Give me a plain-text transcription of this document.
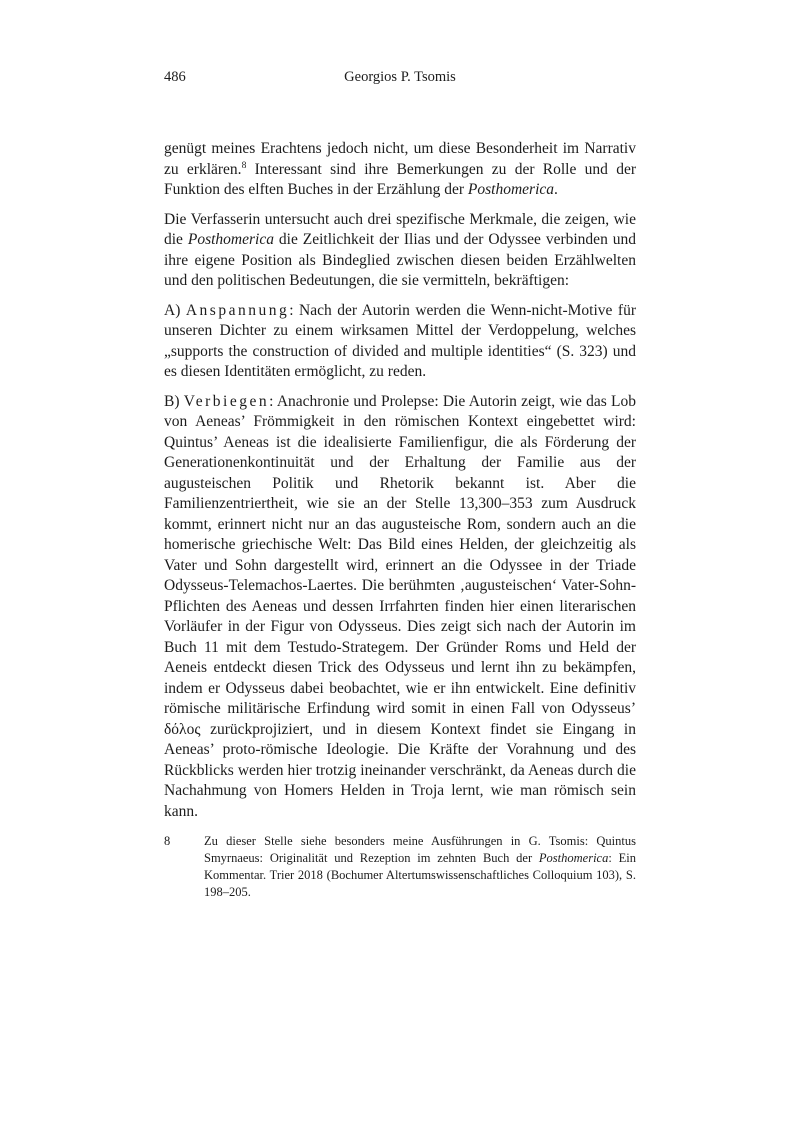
486	Georgios P. Tsomis

genügt meines Erachtens jedoch nicht, um diese Besonderheit im Narrativ zu erklären.$^8$ Interessant sind ihre Bemerkungen zu der Rolle und der Funktion des elften Buches in der Erzählung der Posthomerica.

Die Verfasserin untersucht auch drei spezifische Merkmale, die zeigen, wie die Posthomerica die Zeitlichkeit der Ilias und der Odyssee verbinden und ihre eigene Position als Bindeglied zwischen diesen beiden Erzählwelten und den politischen Bedeutungen, die sie vermitteln, bekräftigen:

A) Anspannung: Nach der Autorin werden die Wenn-nicht-Motive für unseren Dichter zu einem wirksamen Mittel der Verdoppelung, welches „supports the construction of divided and multiple identities“ (S. 323) und es diesen Identitäten ermöglicht, zu reden.

B) Verbiegen: Anachronie und Prolepse: Die Autorin zeigt, wie das Lob von Aeneas’ Frömmigkeit in den römischen Kontext eingebettet wird: Quintus’ Aeneas ist die idealisierte Familienfigur, die als Förderung der Generationenkontinuität und der Erhaltung der Familie aus der augusteischen Politik und Rhetorik bekannt ist. Aber die Familienzentriertheit, wie sie an der Stelle 13,300–353 zum Ausdruck kommt, erinnert nicht nur an das augusteische Rom, sondern auch an die homerische griechische Welt: Das Bild eines Helden, der gleichzeitig als Vater und Sohn dargestellt wird, erinnert an die Odyssee in der Triade Odysseus-Telemachos-Laertes. Die berühmten ‚augusteischen‘ Vater-Sohn-Pflichten des Aeneas und dessen Irrfahrten finden hier einen literarischen Vorläufer in der Figur von Odysseus. Dies zeigt sich nach der Autorin im Buch 11 mit dem Testudo-Strategem. Der Gründer Roms und Held der Aeneis entdeckt diesen Trick des Odysseus und lernt ihn zu bekämpfen, indem er Odysseus dabei beobachtet, wie er ihn entwickelt. Eine definitiv römische militärische Erfindung wird somit in einen Fall von Odysseus’ δόλος zurückprojiziert, und in diesem Kontext findet sie Eingang in Aeneas’ proto-römische Ideologie. Die Kräfte der Vorahnung und des Rückblicks werden hier trotzig ineinander verschränkt, da Aeneas durch die Nachahmung von Homers Helden in Troja lernt, wie man römisch sein kann.

8	Zu dieser Stelle siehe besonders meine Ausführungen in G. Tsomis: Quintus Smyrnaeus: Originalität und Rezeption im zehnten Buch der Posthomerica: Ein Kommentar. Trier 2018 (Bochumer Altertumswissenschaftliches Colloquium 103), S. 198–205.
